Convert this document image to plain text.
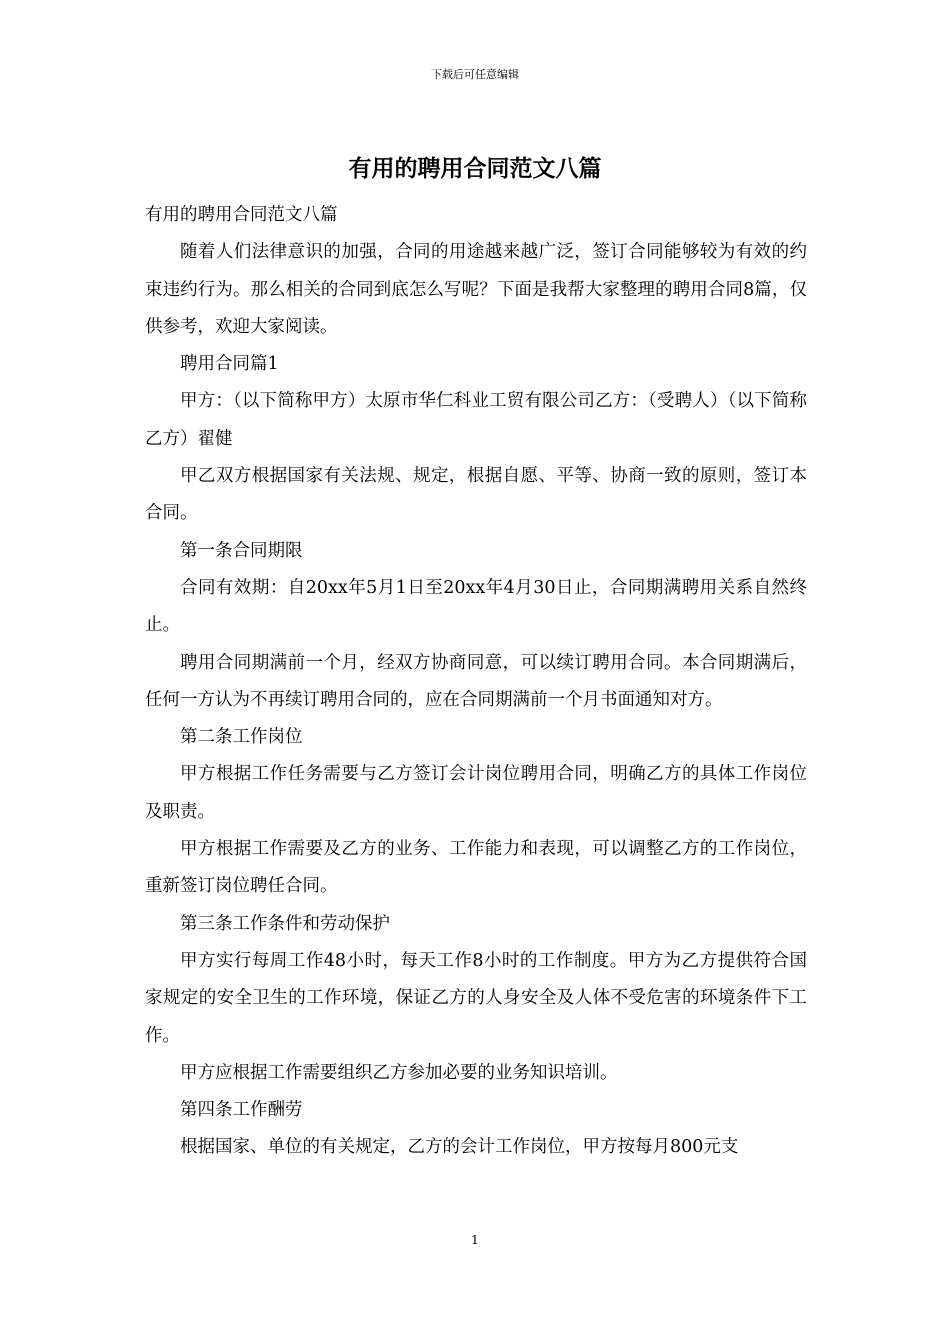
下载后可任意编辑
有用的聘用合同范文八篇

有用的聘用合同范文八篇

随着人们法律意识的加强，合同的用途越来越广泛，签订合同能够较为有效的约束违约行为。那么相关的合同到底怎么写呢？下面是我帮大家整理的聘用合同8篇，仅供参考，欢迎大家阅读。

聘用合同篇1

甲方：（以下简称甲方）太原市华仁科业工贸有限公司乙方：（受聘人）（以下简称乙方）翟健

甲乙双方根据国家有关法规、规定，根据自愿、平等、协商一致的原则，签订本合同。

第一条合同期限

合同有效期：自20xx年5月1日至20xx年4月30日止，合同期满聘用关系自然终止。

聘用合同期满前一个月，经双方协商同意，可以续订聘用合同。本合同期满后，任何一方认为不再续订聘用合同的，应在合同期满前一个月书面通知对方。

第二条工作岗位

甲方根据工作任务需要与乙方签订会计岗位聘用合同，明确乙方的具体工作岗位及职责。

甲方根据工作需要及乙方的业务、工作能力和表现，可以调整乙方的工作岗位，重新签订岗位聘任合同。

第三条工作条件和劳动保护

甲方实行每周工作48小时，每天工作8小时的工作制度。甲方为乙方提供符合国家规定的安全卫生的工作环境，保证乙方的人身安全及人体不受危害的环境条件下工作。

甲方应根据工作需要组织乙方参加必要的业务知识培训。

第四条工作酬劳

根据国家、单位的有关规定，乙方的会计工作岗位，甲方按每月800元支

1
